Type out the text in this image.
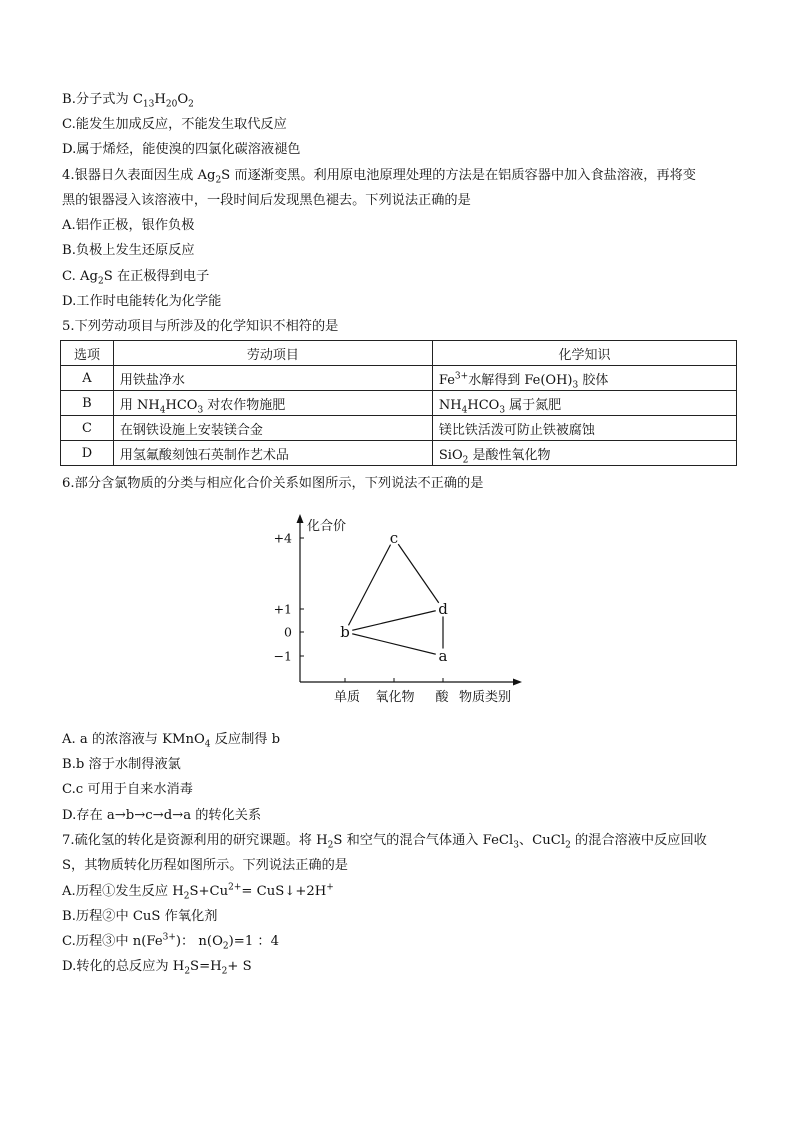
B.分子式为 $C_{13}H_{20}O_2$
C.能发生加成反应，不能发生取代反应
D.属于烯烃，能使溴的四氯化碳溶液褪色
4.银器日久表面因生成 $Ag_2S$ 而逐渐变黑。利用原电池原理处理的方法是在铝质容器中加入食盐溶液，再将变
黑的银器浸入该溶液中，一段时间后发现黑色褪去。下列说法正确的是
A.铝作正极，银作负极
B.负极上发生还原反应
C. $Ag_2S$ 在正极得到电子
D.工作时电能转化为化学能
5.下列劳动项目与所涉及的化学知识不相符的是
选项	劳动项目	化学知识
A	用铁盐净水	$Fe^{3+}$水解得到 $Fe(OH)_3$ 胶体
B	用 $NH_4HCO_3$ 对农作物施肥	$NH_4HCO_3$ 属于氮肥
C	在钢铁设施上安装镁合金	镁比铁活泼可防止铁被腐蚀
D	用氢氟酸刻蚀石英制作艺术品	SiO$_2$ 是酸性氧化物
6.部分含氯物质的分类与相应化合价关系如图所示，下列说法不正确的是
化合价
物质类别
+4
+1
0
−1
单质 氧化物 酸
b
c
d
a
A. a 的浓溶液与 KMnO$_4$ 反应制得 b
B.b 溶于水制得液氯
C.c 可用于自来水消毒
D.存在 a→b→c→d→a 的转化关系
7.硫化氢的转化是资源利用的研究课题。将 $H_2S$ 和空气的混合气体通入 FeCl$_3$、CuCl$_2$ 的混合溶液中反应回收
S，其物质转化历程如图所示。下列说法正确的是
A.历程①发生反应 $H_2S+Cu^{2+}=$ CuS↓+2H+
B.历程②中 CuS 作氧化剂
C.历程③中 $n(Fe^{3+})$： $n(O_2)=1$ ：4
D.转化的总反应为 $H_2S=H_2+ S$
